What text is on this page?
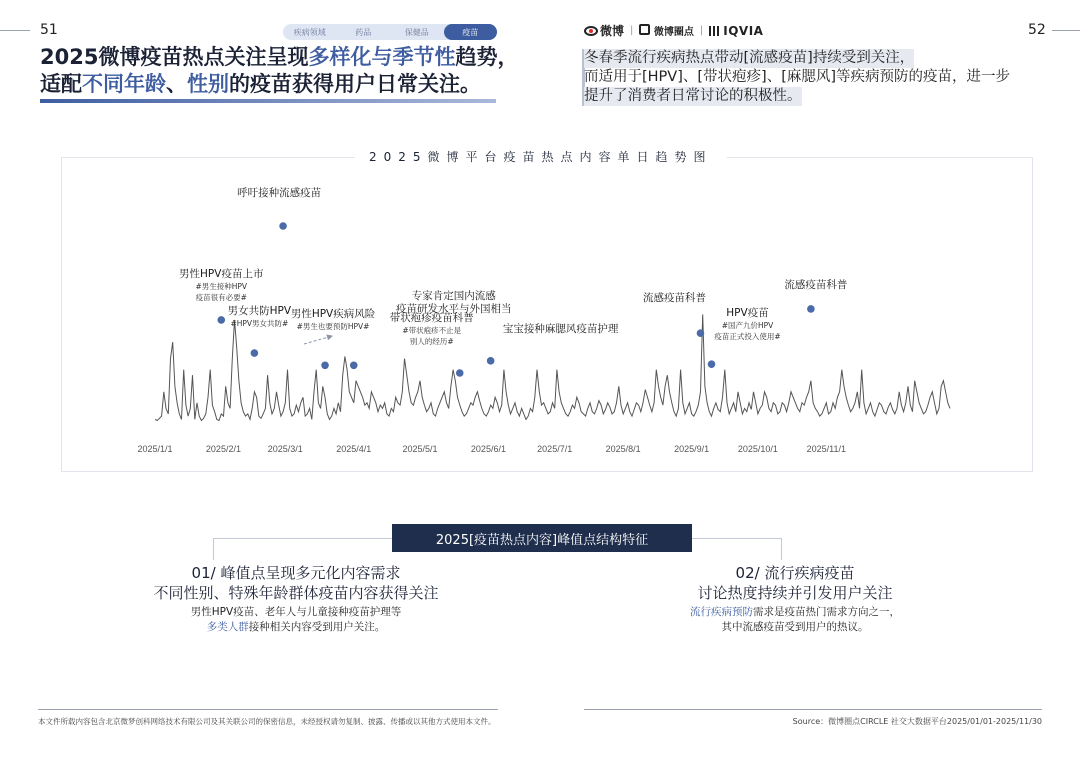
51	52
疾病领域	药品	保健品	疫苗	微博 |	微博圈点 | IQVIA
2025微博疫苗热点关注呈现多样化与季节性趋势，
适配不同年龄、性别的疫苗获得用户日常关注。
冬春季流行疾病热点带动[流感疫苗]持续受到关注，
而适用于[HPV]、[带状疱疹]、[麻腮风]等疾病预防的疫苗，进一步
提升了消费者日常讨论的积极性。
2025微博平台疫苗热点内容单日趋势图
男性HPV疫苗上市
#男生接种HPV
疫苗很有必要#
男女共防HPV
#HPV男女共防#
呼吁接种流感疫苗
男性HPV疾病风险
#男生也要预防HPV#
带状疱疹疫苗科普
#带状疱疹不止是
别人的经历#
专家肯定国内流感
疫苗研发水平与外国相当
宝宝接种麻腮风疫苗护理
流感疫苗科普
HPV疫苗
#国产九价HPV
疫苗正式投入使用#
流感疫苗科普
2025/1/1	2025/2/1	2025/3/1	2025/4/1	2025/5/1	2025/6/1	2025/7/1	2025/8/1	2025/9/1	2025/10/1	2025/11/1
2025[疫苗热点内容]峰值点结构特征
01/ 峰值点呈现多元化内容需求
不同性别、特殊年龄群体疫苗内容获得关注
男性HPV疫苗、老年人与儿童接种疫苗护理等
多类人群接种相关内容受到用户关注。
02/ 流行疾病疫苗
讨论热度持续并引发用户关注
流行疾病预防需求是疫苗热门需求方向之一，
其中流感疫苗受到用户的热议。
本文件所载内容包含北京微梦创科网络技术有限公司及其关联公司的保密信息，未经授权请勿复制、披露、传播或以其他方式使用本文件。	Source：微博圈点CIRCLE 社交大数据平台2025/01/01-2025/11/30
